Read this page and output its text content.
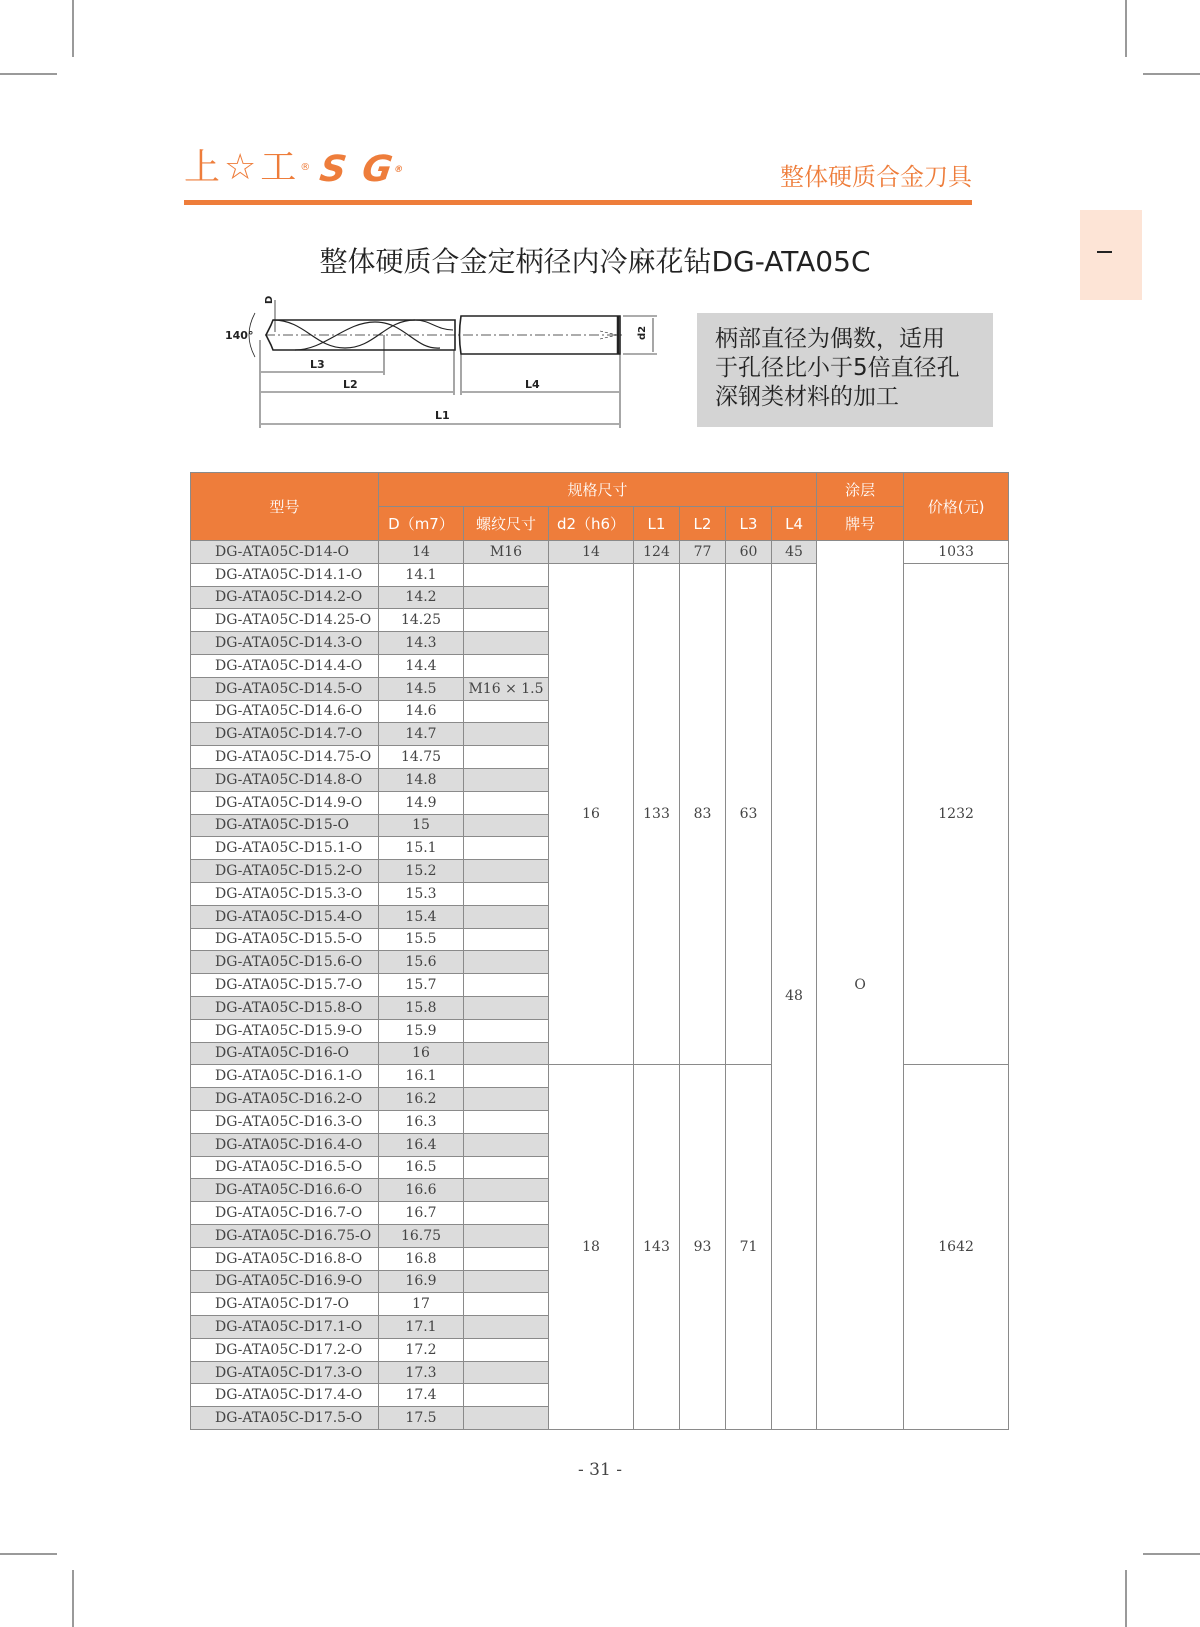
上☆工® S G®	整体硬质合金刀具
整体硬质合金定柄径内冷麻花钻DG-ATA05C
140°
D
d2
L3
L2	L4
L1
柄部直径为偶数，适用
于孔径比小于5倍直径孔
深钢类材料的加工
型号	规格尺寸							涂层	价格(元)
	D（m7）	螺纹尺寸	d2（h6）	L1	L2	L3	L4	牌号	
DG-ATA05C-D14-O	14	M16	14	124	77	60	45	O	1033
DG-ATA05C-D14.1-O	14.1		16	133	83	63	48		1232
DG-ATA05C-D14.2-O	14.2								
DG-ATA05C-D14.25-O	14.25								
DG-ATA05C-D14.3-O	14.3								
DG-ATA05C-D14.4-O	14.4								
DG-ATA05C-D14.5-O	14.5	M16 × 1.5							
DG-ATA05C-D14.6-O	14.6								
DG-ATA05C-D14.7-O	14.7								
DG-ATA05C-D14.75-O	14.75								
DG-ATA05C-D14.8-O	14.8								
DG-ATA05C-D14.9-O	14.9								
DG-ATA05C-D15-O	15								
DG-ATA05C-D15.1-O	15.1								
DG-ATA05C-D15.2-O	15.2								
DG-ATA05C-D15.3-O	15.3								
DG-ATA05C-D15.4-O	15.4								
DG-ATA05C-D15.5-O	15.5								
DG-ATA05C-D15.6-O	15.6								
DG-ATA05C-D15.7-O	15.7								
DG-ATA05C-D15.8-O	15.8								
DG-ATA05C-D15.9-O	15.9								
DG-ATA05C-D16-O	16								
DG-ATA05C-D16.1-O	16.1		18	143	93	71			1642
DG-ATA05C-D16.2-O	16.2								
DG-ATA05C-D16.3-O	16.3								
DG-ATA05C-D16.4-O	16.4								
DG-ATA05C-D16.5-O	16.5								
DG-ATA05C-D16.6-O	16.6								
DG-ATA05C-D16.7-O	16.7								
DG-ATA05C-D16.75-O	16.75								
DG-ATA05C-D16.8-O	16.8								
DG-ATA05C-D16.9-O	16.9								
DG-ATA05C-D17-O	17								
DG-ATA05C-D17.1-O	17.1								
DG-ATA05C-D17.2-O	17.2								
DG-ATA05C-D17.3-O	17.3								
DG-ATA05C-D17.4-O	17.4								
DG-ATA05C-D17.5-O	17.5								
- 31 -
